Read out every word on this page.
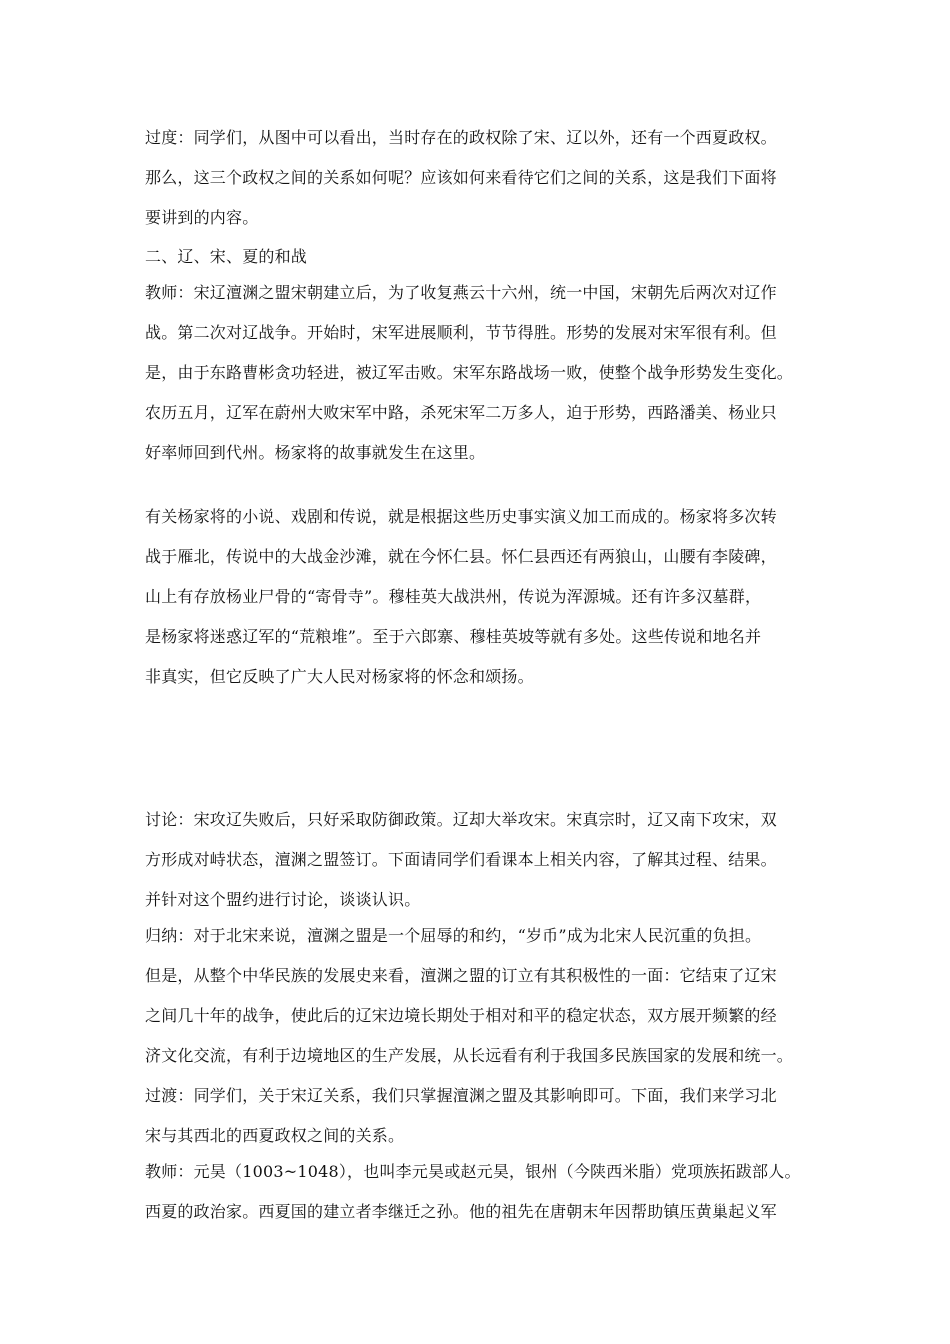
过度：同学们，从图中可以看出，当时存在的政权除了宋、辽以外，还有一个西夏政权。
那么，这三个政权之间的关系如何呢？应该如何来看待它们之间的关系，这是我们下面将
要讲到的内容。
二、辽、宋、夏的和战
教师：宋辽澶渊之盟宋朝建立后，为了收复燕云十六州，统一中国，宋朝先后两次对辽作
战。第二次对辽战争。开始时，宋军进展顺利，节节得胜。形势的发展对宋军很有利。但
是，由于东路曹彬贪功轻进，被辽军击败。宋军东路战场一败，使整个战争形势发生变化。
农历五月，辽军在蔚州大败宋军中路，杀死宋军二万多人，迫于形势，西路潘美、杨业只
好率师回到代州。杨家将的故事就发生在这里。
有关杨家将的小说、戏剧和传说，就是根据这些历史事实演义加工而成的。杨家将多次转
战于雁北，传说中的大战金沙滩，就在今怀仁县。怀仁县西还有两狼山，山腰有李陵碑，
山上有存放杨业尸骨的“寄骨寺”。穆桂英大战洪州，传说为浑源城。还有许多汉墓群，
是杨家将迷惑辽军的“荒粮堆”。至于六郎寨、穆桂英坡等就有多处。这些传说和地名并
非真实，但它反映了广大人民对杨家将的怀念和颂扬。
讨论：宋攻辽失败后，只好采取防御政策。辽却大举攻宋。宋真宗时，辽又南下攻宋，双
方形成对峙状态，澶渊之盟签订。下面请同学们看课本上相关内容，了解其过程、结果。
并针对这个盟约进行讨论，谈谈认识。
归纳：对于北宋来说，澶渊之盟是一个屈辱的和约，“岁币”成为北宋人民沉重的负担。
但是，从整个中华民族的发展史来看，澶渊之盟的订立有其积极性的一面：它结束了辽宋
之间几十年的战争，使此后的辽宋边境长期处于相对和平的稳定状态，双方展开频繁的经
济文化交流，有利于边境地区的生产发展，从长远看有利于我国多民族国家的发展和统一。
过渡：同学们，关于宋辽关系，我们只掌握澶渊之盟及其影响即可。下面，我们来学习北
宋与其西北的西夏政权之间的关系。
教师：元昊（1003~1048），也叫李元昊或赵元昊，银州（今陕西米脂）党项族拓跋部人。
西夏的政治家。西夏国的建立者李继迁之孙。他的祖先在唐朝末年因帮助镇压黄巢起义军
